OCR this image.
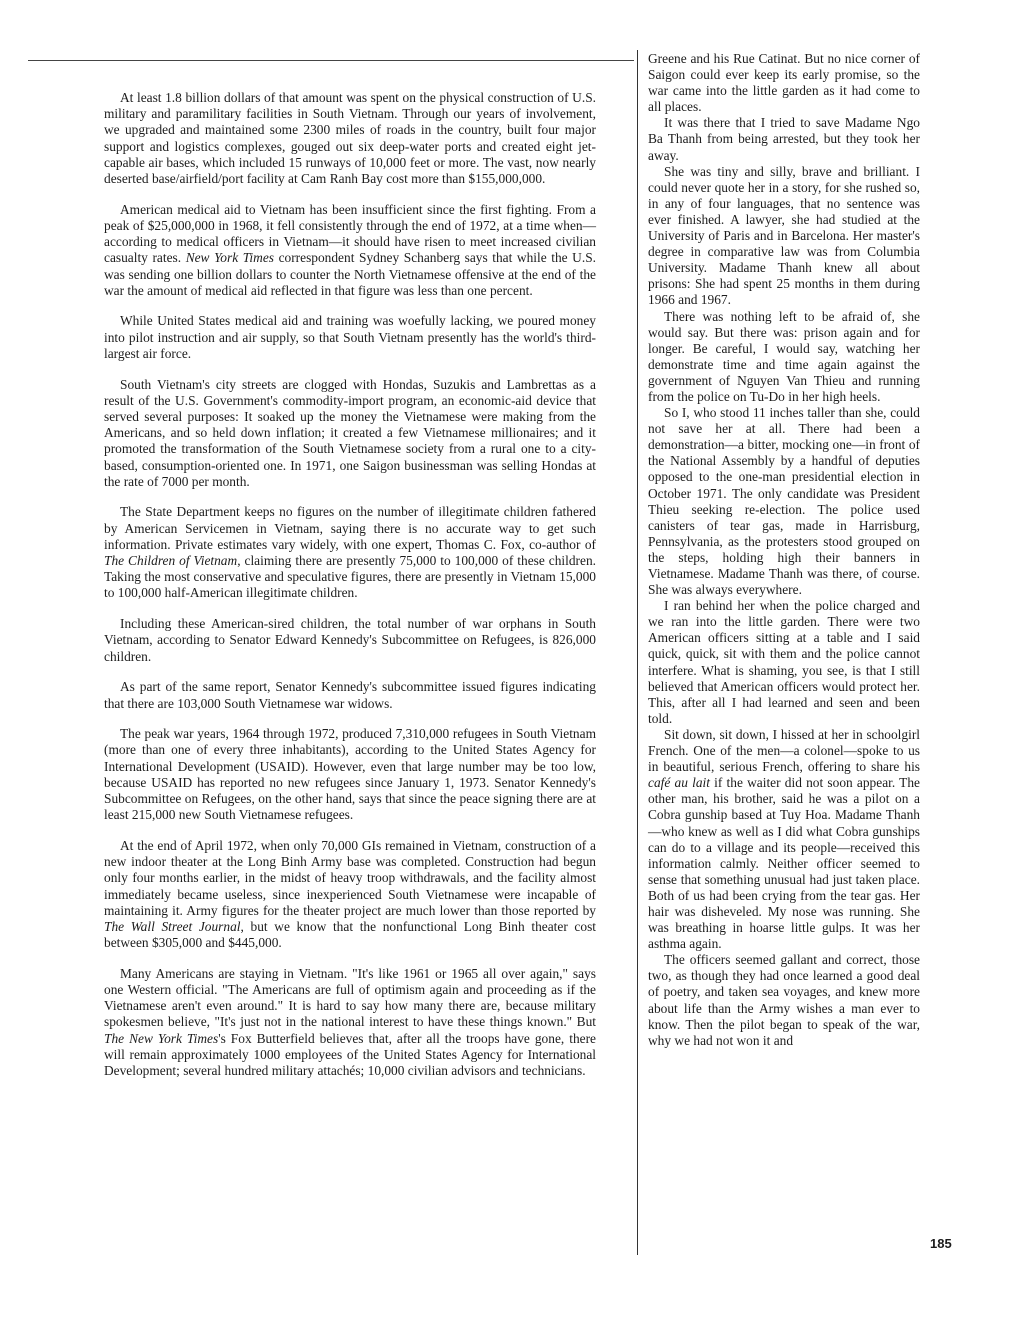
At least 1.8 billion dollars of that amount was spent on the physical construction of U.S. military and paramilitary facilities in South Vietnam. Through our years of involvement, we upgraded and maintained some 2300 miles of roads in the country, built four major support and logistics complexes, gouged out six deep-water ports and created eight jet-capable air bases, which included 15 runways of 10,000 feet or more. The vast, now nearly deserted base/airfield/port facility at Cam Ranh Bay cost more than $155,000,000.

American medical aid to Vietnam has been insufficient since the first fighting. From a peak of $25,000,000 in 1968, it fell consistently through the end of 1972, at a time when—according to medical officers in Vietnam—it should have risen to meet increased civilian casualty rates. New York Times correspondent Sydney Schanberg says that while the U.S. was sending one billion dollars to counter the North Vietnamese offensive at the end of the war the amount of medical aid reflected in that figure was less than one percent.

While United States medical aid and training was woefully lacking, we poured money into pilot instruction and air supply, so that South Vietnam presently has the world's third-largest air force.

South Vietnam's city streets are clogged with Hondas, Suzukis and Lambrettas as a result of the U.S. Government's commodity-import program, an economic-aid device that served several purposes: It soaked up the money the Vietnamese were making from the Americans, and so held down inflation; it created a few Vietnamese millionaires; and it promoted the transformation of the South Vietnamese society from a rural one to a city-based, consumption-oriented one. In 1971, one Saigon businessman was selling Hondas at the rate of 7000 per month.

The State Department keeps no figures on the number of illegitimate children fathered by American Servicemen in Vietnam, saying there is no accurate way to get such information. Private estimates vary widely, with one expert, Thomas C. Fox, co-author of The Children of Vietnam, claiming there are presently 75,000 to 100,000 of these children. Taking the most conservative and speculative figures, there are presently in Vietnam 15,000 to 100,000 half-American illegitimate children.

Including these American-sired children, the total number of war orphans in South Vietnam, according to Senator Edward Kennedy's Subcommittee on Refugees, is 826,000 children.

As part of the same report, Senator Kennedy's subcommittee issued figures indicating that there are 103,000 South Vietnamese war widows.

The peak war years, 1964 through 1972, produced 7,310,000 refugees in South Vietnam (more than one of every three inhabitants), according to the United States Agency for International Development (USAID). However, even that large number may be too low, because USAID has reported no new refugees since January 1, 1973. Senator Kennedy's Subcommittee on Refugees, on the other hand, says that since the peace signing there are at least 215,000 new South Vietnamese refugees.

At the end of April 1972, when only 70,000 GIs remained in Vietnam, construction of a new indoor theater at the Long Binh Army base was completed. Construction had begun only four months earlier, in the midst of heavy troop withdrawals, and the facility almost immediately became useless, since inexperienced South Vietnamese were incapable of maintaining it. Army figures for the theater project are much lower than those reported by The Wall Street Journal, but we know that the nonfunctional Long Binh theater cost between $305,000 and $445,000.

Many Americans are staying in Vietnam. "It's like 1961 or 1965 all over again," says one Western official. "The Americans are full of optimism again and proceeding as if the Vietnamese aren't even around." It is hard to say how many there are, because military spokesmen believe, "It's just not in the national interest to have these things known." But The New York Times's Fox Butterfield believes that, after all the troops have gone, there will remain approximately 1000 employees of the United States Agency for International Development; several hundred military attachés; 10,000 civilian advisors and technicians.

Greene and his Rue Catinat. But no nice corner of Saigon could ever keep its early promise, so the war came into the little garden as it had come to all places.

It was there that I tried to save Madame Ngo Ba Thanh from being arrested, but they took her away.

She was tiny and silly, brave and brilliant. I could never quote her in a story, for she rushed so, in any of four languages, that no sentence was ever finished. A lawyer, she had studied at the University of Paris and in Barcelona. Her master's degree in comparative law was from Columbia University. Madame Thanh knew all about prisons: She had spent 25 months in them during 1966 and 1967.

There was nothing left to be afraid of, she would say. But there was: prison again and for longer. Be careful, I would say, watching her demonstrate time and time again against the government of Nguyen Van Thieu and running from the police on Tu-Do in her high heels.

So I, who stood 11 inches taller than she, could not save her at all. There had been a demonstration—a bitter, mocking one—in front of the National Assembly by a handful of deputies opposed to the one-man presidential election in October 1971. The only candidate was President Thieu seeking re-election. The police used canisters of tear gas, made in Harrisburg, Pennsylvania, as the protesters stood grouped on the steps, holding high their banners in Vietnamese. Madame Thanh was there, of course. She was always everywhere.

I ran behind her when the police charged and we ran into the little garden. There were two American officers sitting at a table and I said quick, quick, sit with them and the police cannot interfere. What is shaming, you see, is that I still believed that American officers would protect her. This, after all I had learned and seen and been told.

Sit down, sit down, I hissed at her in schoolgirl French. One of the men—a colonel—spoke to us in beautiful, serious French, offering to share his café au lait if the waiter did not soon appear. The other man, his brother, said he was a pilot on a Cobra gunship based at Tuy Hoa. Madame Thanh—who knew as well as I did what Cobra gunships can do to a village and its people—received this information calmly. Neither officer seemed to sense that something unusual had just taken place. Both of us had been crying from the tear gas. Her hair was disheveled. My nose was running. She was breathing in hoarse little gulps. It was her asthma again.

The officers seemed gallant and correct, those two, as though they had once learned a good deal of poetry, and taken sea voyages, and knew more about life than the Army wishes a man ever to know. Then the pilot began to speak of the war, why we had not won it and

185
